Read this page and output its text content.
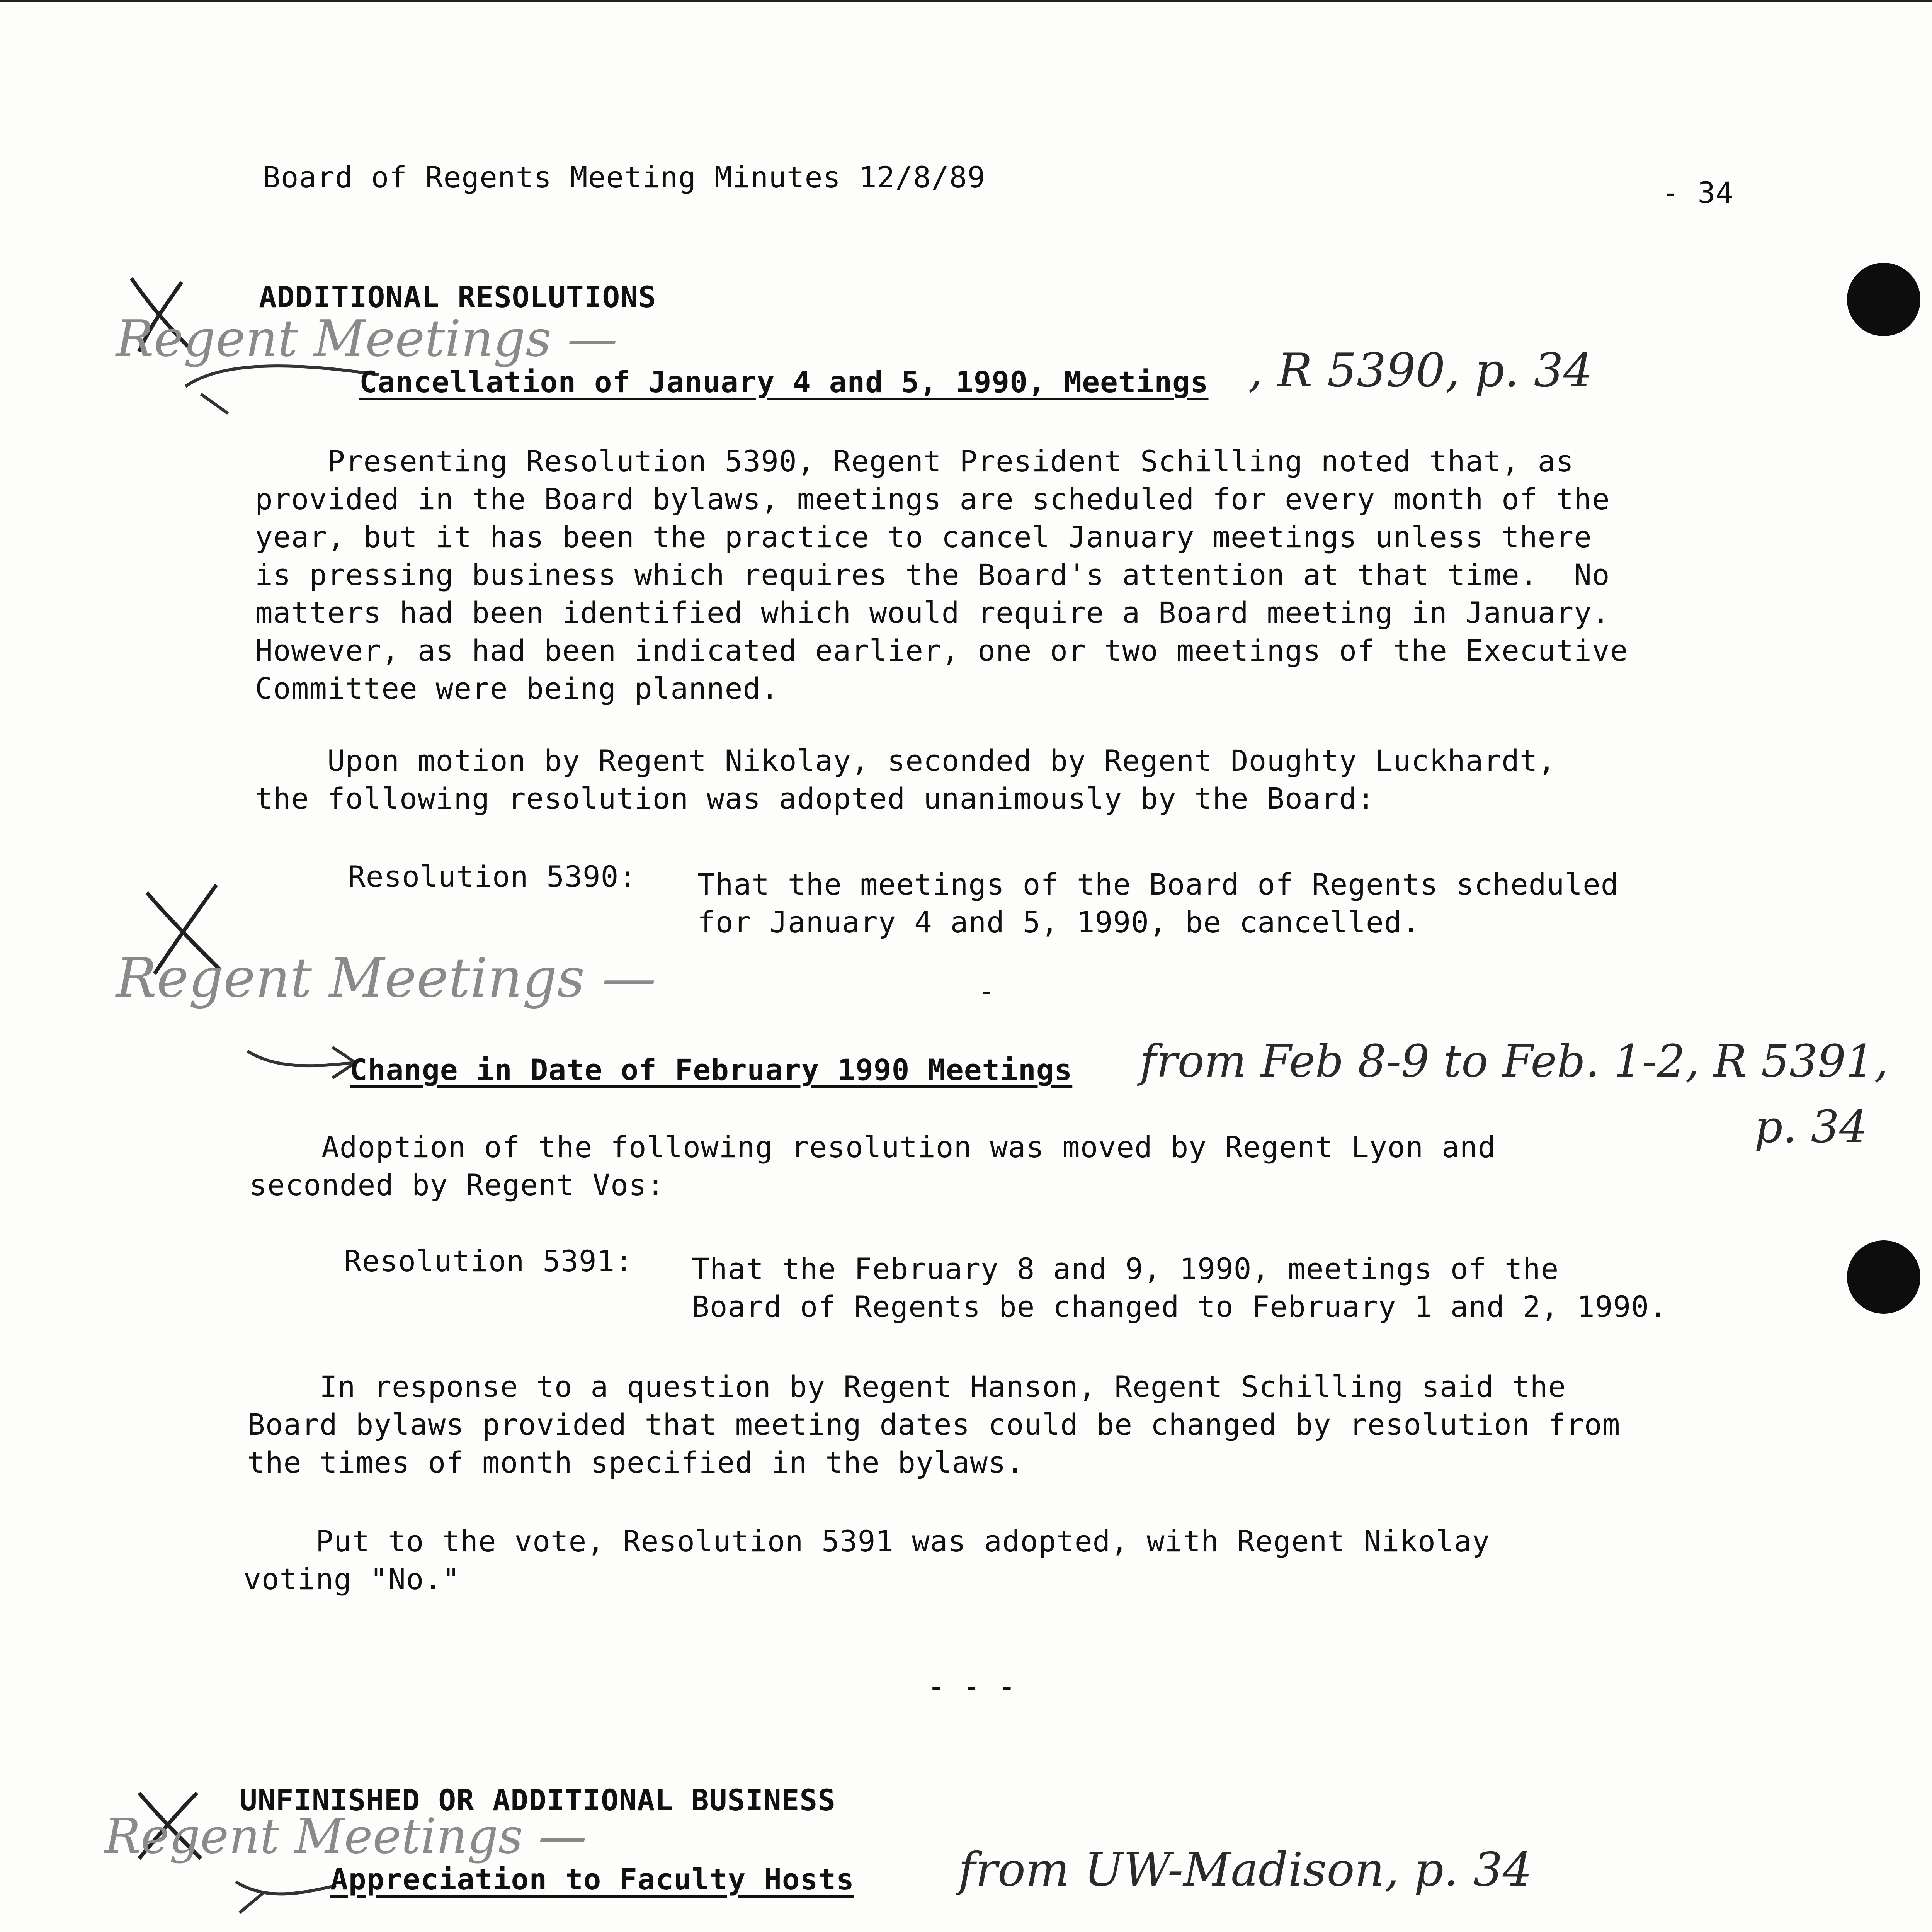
Board of Regents Meeting Minutes 12/8/89	- 34
ADDITIONAL RESOLUTIONS
Regent Meetings —
Cancellation of January 4 and 5, 1990, Meetings , R 5390, p. 34
Presenting Resolution 5390, Regent President Schilling noted that, as
provided in the Board bylaws, meetings are scheduled for every month of the
year, but it has been the practice to cancel January meetings unless there
is pressing business which requires the Board's attention at that time.  No
matters had been identified which would require a Board meeting in January.
However, as had been indicated earlier, one or two meetings of the Executive
Committee were being planned.
Upon motion by Regent Nikolay, seconded by Regent Doughty Luckhardt,
the following resolution was adopted unanimously by the Board:
Resolution 5390: That the meetings of the Board of Regents scheduled
for January 4 and 5, 1990, be cancelled.
Regent Meetings —	-
Change in Date of February 1990 Meetings from Feb 8-9 to Feb. 1-2, R 5391,
p. 34
Adoption of the following resolution was moved by Regent Lyon and
seconded by Regent Vos:
Resolution 5391: That the February 8 and 9, 1990, meetings of the
Board of Regents be changed to February 1 and 2, 1990.
In response to a question by Regent Hanson, Regent Schilling said the
Board bylaws provided that meeting dates could be changed by resolution from
the times of month specified in the bylaws.
Put to the vote, Resolution 5391 was adopted, with Regent Nikolay
voting "No."
- - -
UNFINISHED OR ADDITIONAL BUSINESS
Regent Meetings —
Appreciation to Faculty Hosts from UW-Madison, p. 34
